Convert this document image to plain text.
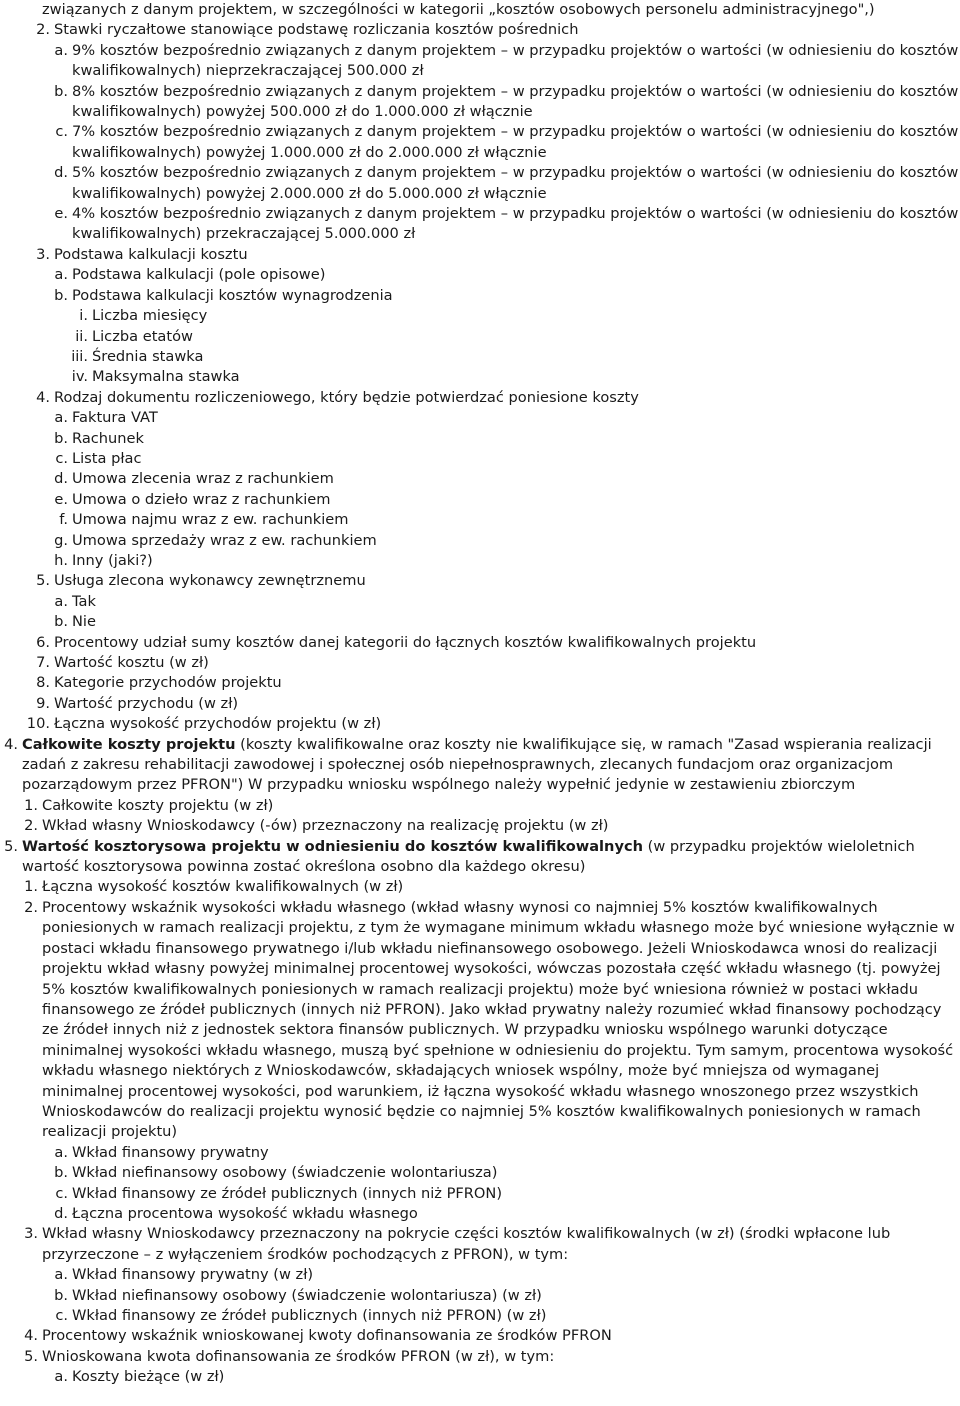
związanych z danym projektem, w szczególności w kategorii „kosztów osobowych personelu administracyjnego",)
2. Stawki ryczałtowe stanowiące podstawę rozliczania kosztów pośrednich
a. 9% kosztów bezpośrednio związanych z danym projektem – w przypadku projektów o wartości (w odniesieniu do kosztów kwalifikowalnych) nieprzekraczającej 500.000 zł
b. 8% kosztów bezpośrednio związanych z danym projektem – w przypadku projektów o wartości (w odniesieniu do kosztów kwalifikowalnych) powyżej 500.000 zł do 1.000.000 zł włącznie
c. 7% kosztów bezpośrednio związanych z danym projektem – w przypadku projektów o wartości (w odniesieniu do kosztów kwalifikowalnych) powyżej 1.000.000 zł do 2.000.000 zł włącznie
d. 5% kosztów bezpośrednio związanych z danym projektem – w przypadku projektów o wartości (w odniesieniu do kosztów kwalifikowalnych) powyżej 2.000.000 zł do 5.000.000 zł włącznie
e. 4% kosztów bezpośrednio związanych z danym projektem – w przypadku projektów o wartości (w odniesieniu do kosztów kwalifikowalnych) przekraczającej 5.000.000 zł
3. Podstawa kalkulacji kosztu
a. Podstawa kalkulacji (pole opisowe)
b. Podstawa kalkulacji kosztów wynagrodzenia
i. Liczba miesięcy
ii. Liczba etatów
iii. Średnia stawka
iv. Maksymalna stawka
4. Rodzaj dokumentu rozliczeniowego, który będzie potwierdzać poniesione koszty
a. Faktura VAT
b. Rachunek
c. Lista płac
d. Umowa zlecenia wraz z rachunkiem
e. Umowa o dzieło wraz z rachunkiem
f. Umowa najmu wraz z ew. rachunkiem
g. Umowa sprzedaży wraz z ew. rachunkiem
h. Inny (jaki?)
5. Usługa zlecona wykonawcy zewnętrznemu
a. Tak
b. Nie
6. Procentowy udział sumy kosztów danej kategorii do łącznych kosztów kwalifikowalnych projektu
7. Wartość kosztu (w zł)
8. Kategorie przychodów projektu
9. Wartość przychodu (w zł)
10. Łączna wysokość przychodów projektu (w zł)
4. Całkowite koszty projektu (koszty kwalifikowalne oraz koszty nie kwalifikujące się, w ramach "Zasad wspierania realizacji zadań z zakresu rehabilitacji zawodowej i społecznej osób niepełnosprawnych, zlecanych fundacjom oraz organizacjom pozarządowym przez PFRON") W przypadku wniosku wspólnego należy wypełnić jedynie w zestawieniu zbiorczym
1. Całkowite koszty projektu (w zł)
2. Wkład własny Wnioskodawcy (-ów) przeznaczony na realizację projektu (w zł)
5. Wartość kosztorysowa projektu w odniesieniu do kosztów kwalifikowalnych (w przypadku projektów wieloletnich wartość kosztorysowa powinna zostać określona osobno dla każdego okresu)
1. Łączna wysokość kosztów kwalifikowalnych (w zł)
2. Procentowy wskaźnik wysokości wkładu własnego (wkład własny wynosi co najmniej 5% kosztów kwalifikowalnych poniesionych w ramach realizacji projektu, z tym że wymagane minimum wkładu własnego może być wniesione wyłącznie w postaci wkładu finansowego prywatnego i/lub wkładu niefinansowego osobowego. Jeżeli Wnioskodawca wnosi do realizacji projektu wkład własny powyżej minimalnej procentowej wysokości, wówczas pozostała część wkładu własnego (tj. powyżej 5% kosztów kwalifikowalnych poniesionych w ramach realizacji projektu) może być wniesiona również w postaci wkładu finansowego ze źródeł publicznych (innych niż PFRON). Jako wkład prywatny należy rozumieć wkład finansowy pochodzący ze źródeł innych niż z jednostek sektora finansów publicznych. W przypadku wniosku wspólnego warunki dotyczące minimalnej wysokości wkładu własnego, muszą być spełnione w odniesieniu do projektu. Tym samym, procentowa wysokość wkładu własnego niektórych z Wnioskodawców, składających wniosek wspólny, może być mniejsza od wymaganej minimalnej procentowej wysokości, pod warunkiem, iż łączna wysokość wkładu własnego wnoszonego przez wszystkich Wnioskodawców do realizacji projektu wynosić będzie co najmniej 5% kosztów kwalifikowalnych poniesionych w ramach realizacji projektu)
a. Wkład finansowy prywatny
b. Wkład niefinansowy osobowy (świadczenie wolontariusza)
c. Wkład finansowy ze źródeł publicznych (innych niż PFRON)
d. Łączna procentowa wysokość wkładu własnego
3. Wkład własny Wnioskodawcy przeznaczony na pokrycie części kosztów kwalifikowalnych (w zł) (środki wpłacone lub przyrzeczone – z wyłączeniem środków pochodzących z PFRON), w tym:
a. Wkład finansowy prywatny (w zł)
b. Wkład niefinansowy osobowy (świadczenie wolontariusza) (w zł)
c. Wkład finansowy ze źródeł publicznych (innych niż PFRON) (w zł)
4. Procentowy wskaźnik wnioskowanej kwoty dofinansowania ze środków PFRON
5. Wnioskowana kwota dofinansowania ze środków PFRON (w zł), w tym:
a. Koszty bieżące (w zł)
